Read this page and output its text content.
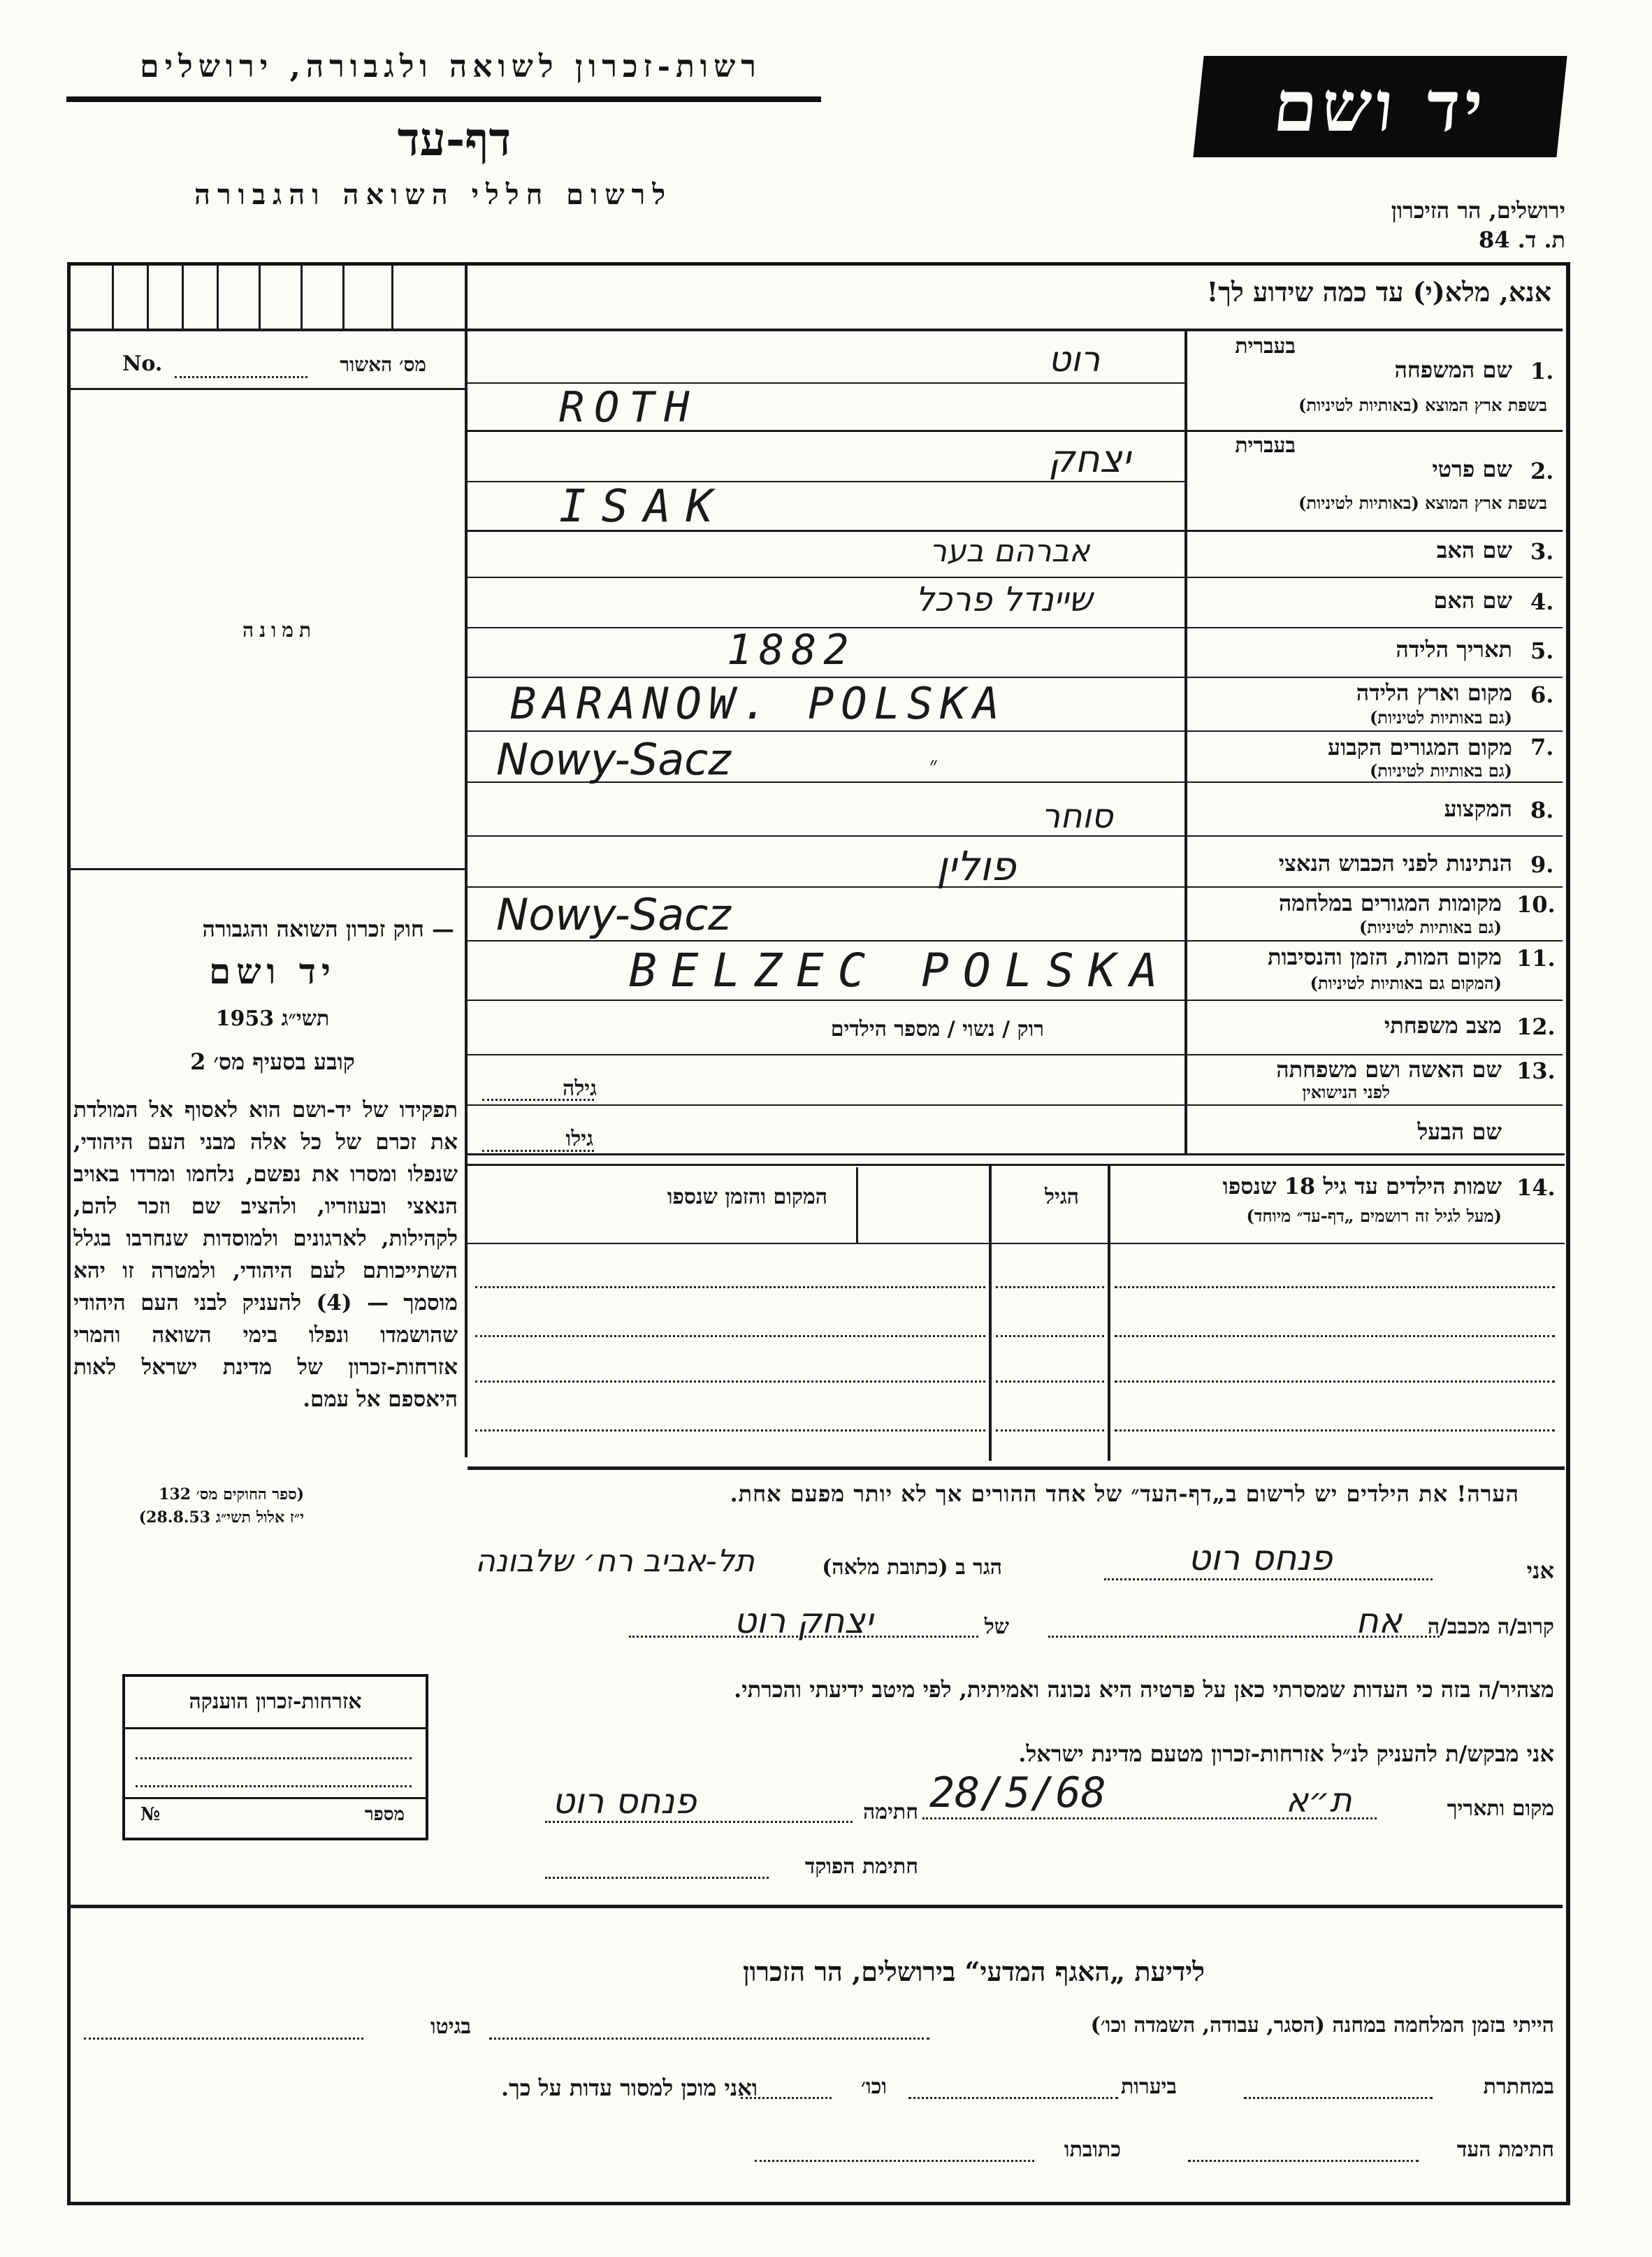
רשות-זכרון לשואה ולגבורה, ירושלים
דף-עד
לרשום חללי השואה והגבורה
יד ושם
ירושלים, הר הזיכרון
ת. ד. 84
אנא, מלא(י) עד כמה שידוע לך!
מס׳ האשור
No.
תמונה
— חוק זכרון השואה והגבורה
יד ושם
תשי״ג 1953
קובע בסעיף מס׳ 2
תפקידו של יד-ושם הוא לאסוף אל המולדת את זכרם של כל אלה מבני העם היהודי, שנפלו ומסרו את נפשם, נלחמו ומרדו באויב הנאצי ובעוזריו, ולהציב שם וזכר להם, לקהילות, לארגונים ולמוסדות שנחרבו בגלל השתייכותם לעם היהודי, ולמטרה זו יהא מוסמך — (4) להעניק לבני העם היהודי שהושמדו ונפלו בימי השואה והמרי אזרחות-זכרון של מדינת ישראל לאות היאספם אל עמם.
(ספר החוקים מס׳ 132
י״ז אלול תשי״ג 28.8.53)
אזרחות-זכרון הוענקה
מספר
№
בעברית
1.
שם המשפחה
בשפת ארץ המוצא (באותיות לטיניות)
רוט
ROTH
בעברית
2.
שם פרטי
בשפת ארץ המוצא (באותיות לטיניות)
יצחק
ISAK
3.
שם האב
אברהם בער
4.
שם האם
שיינדל פרכל
5.
תאריך הלידה
1882
6.
מקום וארץ הלידה
(גם באותיות לטיניות)
BARANOW. POLSKA
7.
מקום המגורים הקבוע
(גם באותיות לטיניות)
Nowy-Sacz	״
8.
המקצוע
סוחר
9.
הנתינות לפני הכבוש הנאצי
פולין
10.
מקומות המגורים במלחמה
(גם באותיות לטיניות)
Nowy-Sacz
11.
מקום המות, הזמן והנסיבות
(המקום גם באותיות לטיניות)
BELZEC POLSKA
12.
מצב משפחתי
רוק / נשוי / מספר הילדים
13.
שם האשה ושם משפחתה
לפני הנישואין
גילה
שם הבעל
גילו
14.
שמות הילדים עד גיל 18 שנספו
(מעל לגיל זה רושמים „דף-עד״ מיוחד)
הגיל
המקום והזמן שנספו
הערה! את הילדים יש לרשום ב„דף-העד״ של אחד ההורים אך לא יותר מפעם אחת.
אני
פנחס רוט
הגר ב (כתובת מלאה)
תל-אביב רח׳ שלבונה
קרוב/ה מכבב/ה
אח
של
יצחק רוט
מצהיר/ה בזה כי העדות שמסרתי כאן על פרטיה היא נכונה ואמיתית, לפי מיטב ידיעתי והכרתי.
אני מבקש/ת להעניק לנ״ל אזרחות-זכרון מטעם מדינת ישראל.
מקום ותאריך
ת״א
28/5/68
חתימה
פנחס רוט
חתימת הפוקד
לידיעת „האגף המדעי“ בירושלים, הר הזכרון
הייתי בזמן המלחמה במחנה (הסגר, עבודה, השמדה וכו׳)
בגיטו
במחתרת
ביערות
וכו׳
ואני מוכן למסור עדות על כך.
חתימת העד
כתובתו
